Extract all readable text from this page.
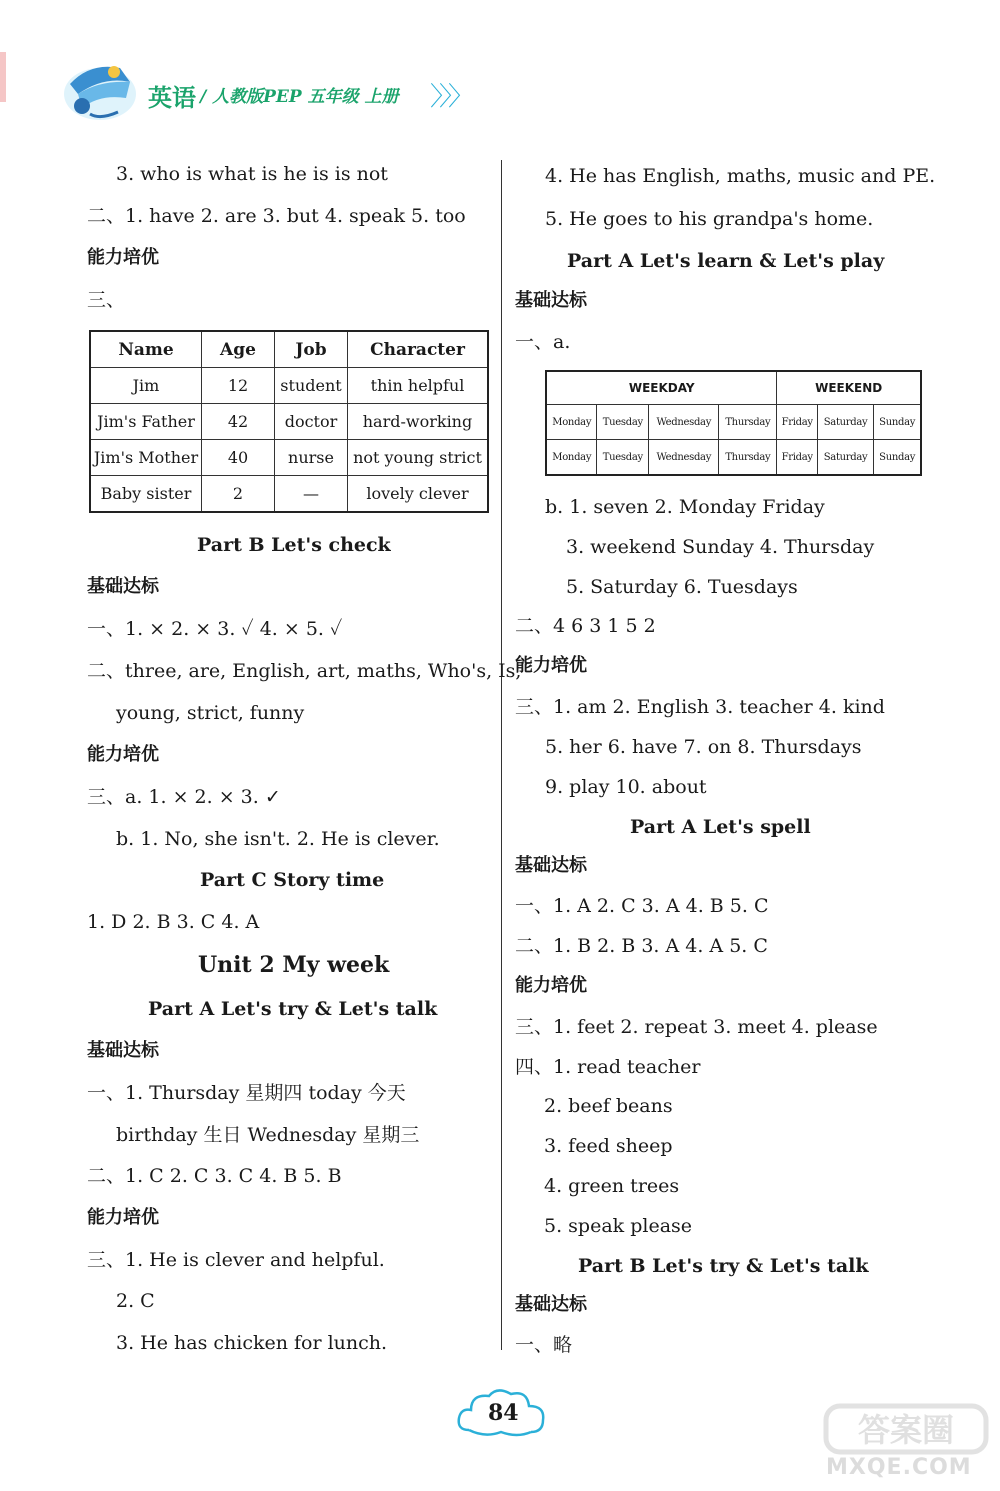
英语 / 人教版PEP 五年级 上册 〉〉〉
3. who is what is he is is not
二、1. have 2. are 3. but 4. speak 5. too
能力培优
三、
Name	Age	Job	Character
Jim	12	student	thin helpful
Jim's Father	42	doctor	hard-working
Jim's Mother	40	nurse	not young strict
Baby sister	2	—	lovely clever
Part B Let's check
基础达标
一、1. × 2. × 3. ✓ 4. × 5. ✓
二、three, are, English, art, maths, Who's, Is,
young, strict, funny
能力培优
三、a. 1. × 2. × 3. ✓
b. 1. No, she isn't. 2. He is clever.
Part C Story time
1. D 2. B 3. C 4. A
Unit 2 My week
Part A Let's try & Let's talk
基础达标
一、1. Thursday 星期四 today 今天
birthday 生日 Wednesday 星期三
二、1. C 2. C 3. C 4. B 5. B
能力培优
三、1. He is clever and helpful.
2. C
3. He has chicken for lunch.
4. He has English, maths, music and PE.
5. He goes to his grandpa's home.
Part A Let's learn & Let's play
基础达标
一、a.
WEEKDAY				WEEKEND		
Monday	Tuesday	Wednesday	Thursday	Friday	Saturday	Sunday
Monday	Tuesday	Wednesday	Thursday	Friday	Saturday	Sunday
b. 1. seven 2. Monday Friday
3. weekend Sunday 4. Thursday
5. Saturday 6. Tuesdays
二、4 6 3 1 5 2
能力培优
三、1. am 2. English 3. teacher 4. kind
5. her 6. have 7. on 8. Thursdays
9. play 10. about
Part A Let's spell
基础达标
一、1. A 2. C 3. A 4. B 5. C
二、1. B 2. B 3. A 4. A 5. C
能力培优
三、1. feet 2. repeat 3. meet 4. please
四、1. read teacher
2. beef beans
3. feed sheep
4. green trees
5. speak please
Part B Let's try & Let's talk
基础达标
一、略
84	答案圈
MXQE.COM
